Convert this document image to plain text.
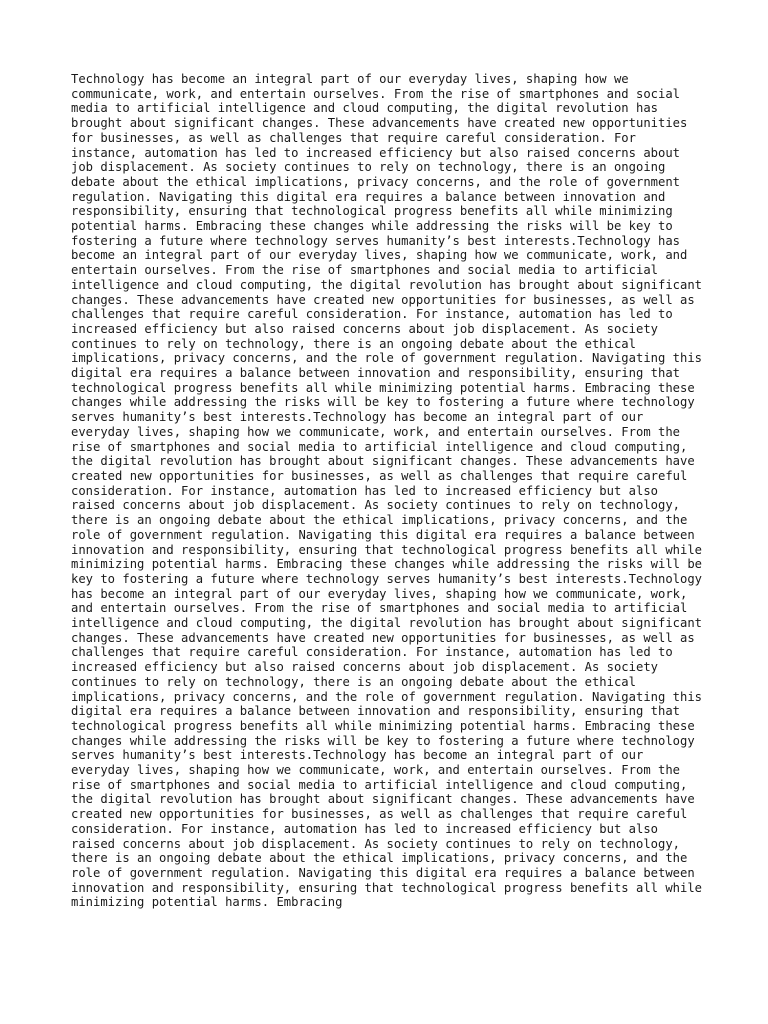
Technology has become an integral part of our everyday lives, shaping how we communicate, work, and entertain ourselves. From the rise of smartphones and social media to artificial intelligence and cloud computing, the digital revolution has brought about significant changes. These advancements have created new opportunities for businesses, as well as challenges that require careful consideration. For instance, automation has led to increased efficiency but also raised concerns about job displacement. As society continues to rely on technology, there is an ongoing debate about the ethical implications, privacy concerns, and the role of government regulation. Navigating this digital era requires a balance between innovation and responsibility, ensuring that technological progress benefits all while minimizing potential harms. Embracing these changes while addressing the risks will be key to fostering a future where technology serves humanity’s best interests.Technology has become an integral part of our everyday lives, shaping how we communicate, work, and entertain ourselves. From the rise of smartphones and social media to artificial intelligence and cloud computing, the digital revolution has brought about significant changes. These advancements have created new opportunities for businesses, as well as challenges that require careful consideration. For instance, automation has led to increased efficiency but also raised concerns about job displacement. As society continues to rely on technology, there is an ongoing debate about the ethical implications, privacy concerns, and the role of government regulation. Navigating this digital era requires a balance between innovation and responsibility, ensuring that technological progress benefits all while minimizing potential harms. Embracing these changes while addressing the risks will be key to fostering a future where technology serves humanity’s best interests.Technology has become an integral part of our everyday lives, shaping how we communicate, work, and entertain ourselves. From the rise of smartphones and social media to artificial intelligence and cloud computing, the digital revolution has brought about significant changes. These advancements have created new opportunities for businesses, as well as challenges that require careful consideration. For instance, automation has led to increased efficiency but also raised concerns about job displacement. As society continues to rely on technology, there is an ongoing debate about the ethical implications, privacy concerns, and the role of government regulation. Navigating this digital era requires a balance between innovation and responsibility, ensuring that technological progress benefits all while minimizing potential harms. Embracing these changes while addressing the risks will be key to fostering a future where technology serves humanity’s best interests.Technology has become an integral part of our everyday lives, shaping how we communicate, work, and entertain ourselves. From the rise of smartphones and social media to artificial intelligence and cloud computing, the digital revolution has brought about significant changes. These advancements have created new opportunities for businesses, as well as challenges that require careful consideration. For instance, automation has led to increased efficiency but also raised concerns about job displacement. As society continues to rely on technology, there is an ongoing debate about the ethical implications, privacy concerns, and the role of government regulation. Navigating this digital era requires a balance between innovation and responsibility, ensuring that technological progress benefits all while minimizing potential harms. Embracing these changes while addressing the risks will be key to fostering a future where technology serves humanity’s best interests.Technology has become an integral part of our everyday lives, shaping how we communicate, work, and entertain ourselves. From the rise of smartphones and social media to artificial intelligence and cloud computing, the digital revolution has brought about significant changes. These advancements have created new opportunities for businesses, as well as challenges that require careful consideration. For instance, automation has led to increased efficiency but also raised concerns about job displacement. As society continues to rely on technology, there is an ongoing debate about the ethical implications, privacy concerns, and the role of government regulation. Navigating this digital era requires a balance between innovation and responsibility, ensuring that technological progress benefits all while minimizing potential harms. Embracing
